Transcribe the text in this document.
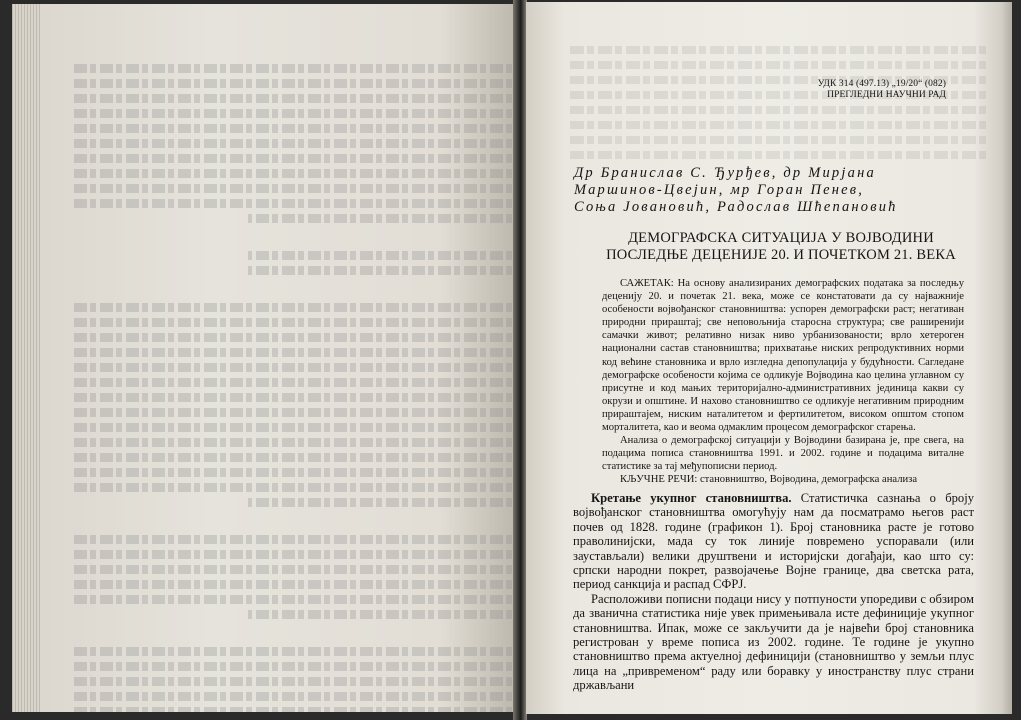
УДК 314 (497.13) „19/20“ (082)
ПРЕГЛЕДНИ НАУЧНИ РАД
Др Бранислав С. Ђурђев, др Мирјана
Маршинов-Цвејин, мр Горан Пенев,
Соња Јовановић, Радослав Шћепановић
ДЕМОГРАФСКА СИТУАЦИЈА У ВОЈВОДИНИ
ПОСЛЕДЊЕ ДЕЦЕНИЈЕ 20. И ПОЧЕТКОМ 21. ВЕКА

САЖЕТАК: На основу анализираних демографских података за последњу деценију 20. и почетак 21. века, може се констатовати да су најважније особености војвођанског становништва: успорен демографски раст; негативан природни прираштај; све неповољнија старосна структура; све раширенији самачки живот; релативно низак ниво урбанизованости; врло хетероген национални састав становништва; прихватање ниских репродуктивних норми код већине становника и врло изгледна депопулација у будућности. Сагледане демографске особености којима се одликује Војводина као целина углавном су присутне и код мањих територијално-административних јединица какви су окрузи и општине. И нахово становништво се одликује негативним природним прираштајем, ниским наталитетом и фертилитетом, високом општом стопом морталитета, као и веома одмаклим процесом демографског старења.

Анализа о демографској ситуацији у Војводини базирана је, пре свега, на подацима пописа становништва 1991. и 2002. године и подацима виталне статистике за тај међупописни период.

КЉУЧНЕ РЕЧИ: становништво, Војводина, демографска анализа

Кретање укупног становништва. Статистичка сазнања о броју војвођанског становништва омогућују нам да посматрамо његов раст почев од 1828. године (графикон 1). Број становника расте је готово праволинијски, мада су ток линије повремено успоравали (или заустављали) велики друштвени и историјски догађаји, као што су: српски народни покрет, развојачење Војне границе, два светска рата, период санкција и распад СФРЈ.

Расположиви пописни подаци нису у потпуности упоредиви с обзиром да званична статистика није увек примењивала исте дефиниције укупног становништва. Ипак, може се закључити да је највећи број становника регистрован у време пописа из 2002. године. Те године је укупно становништво према актуелној дефиницији (становништво у земљи плус лица на „привременом“ раду или боравку у иностранству плус страни држављани
